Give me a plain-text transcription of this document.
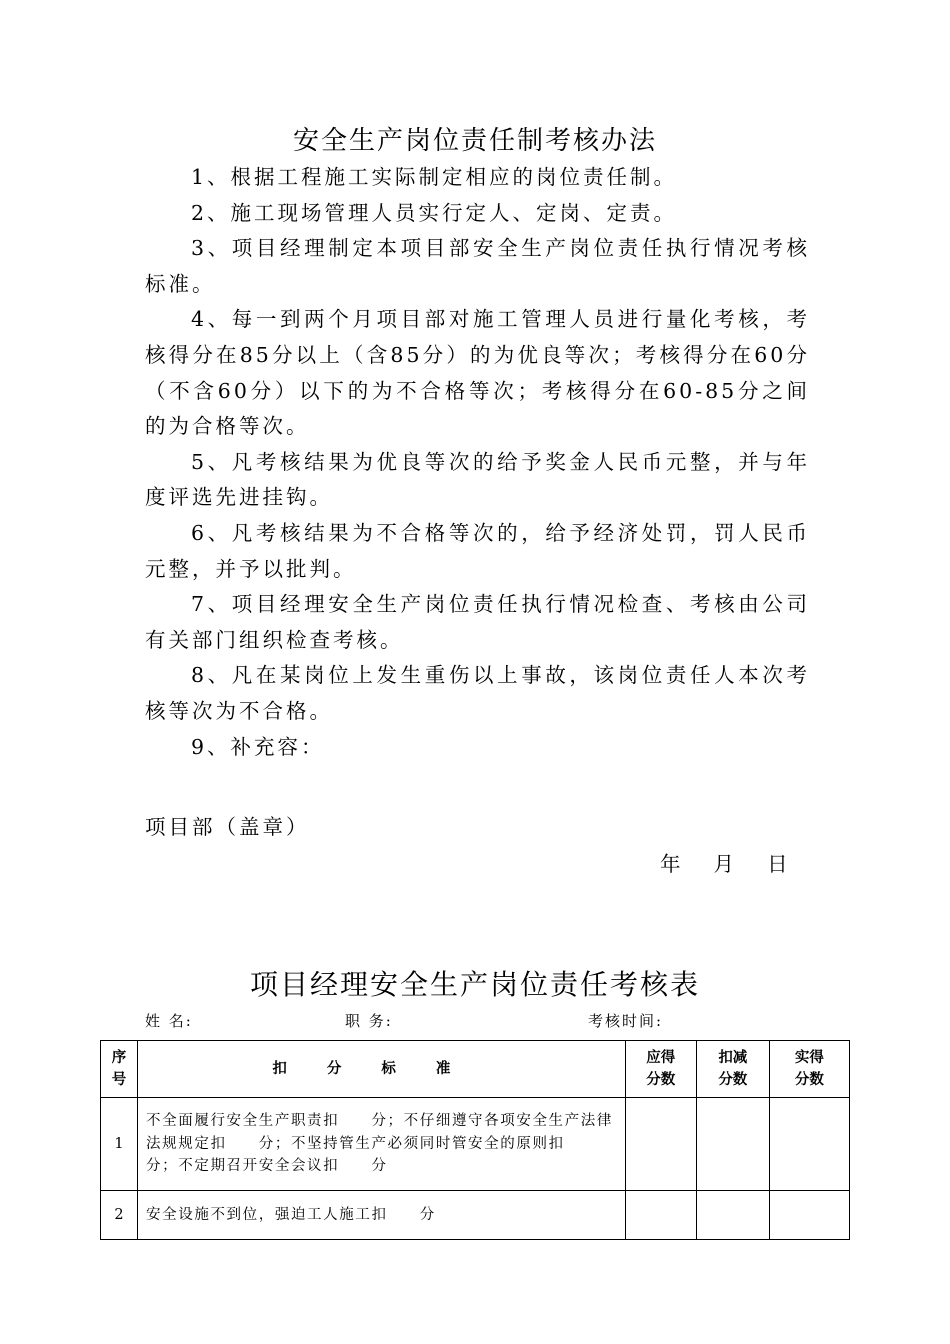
安全生产岗位责任制考核办法

1、根据工程施工实际制定相应的岗位责任制。

2、施工现场管理人员实行定人、定岗、定责。

3、项目经理制定本项目部安全生产岗位责任执行情况考核标准。

4、每一到两个月项目部对施工管理人员进行量化考核，考核得分在85分以上（含85分）的为优良等次；考核得分在60分（不含60分）以下的为不合格等次；考核得分在60-85分之间的为合格等次。

5、凡考核结果为优良等次的给予奖金人民币元整，并与年度评选先进挂钩。

6、凡考核结果为不合格等次的，给予经济处罚，罚人民币元整，并予以批判。

7、项目经理安全生产岗位责任执行情况检查、考核由公司有关部门组织检查考核。

8、凡在某岗位上发生重伤以上事故，该岗位责任人本次考核等次为不合格。

9、补充容：

项目部（盖章）
年  月  日
项目经理安全生产岗位责任考核表
姓 名:	职 务:	考核时间:
序号	扣分标准	应得分数	扣减分数	实得分数
1	不全面履行安全生产职责扣　　分；不仔细遵守各项安全生产法律法规规定扣　　分；不坚持管生产必须同时管安全的原则扣　　分；不定期召开安全会议扣　　分			
2	安全设施不到位，强迫工人施工扣　　分			
